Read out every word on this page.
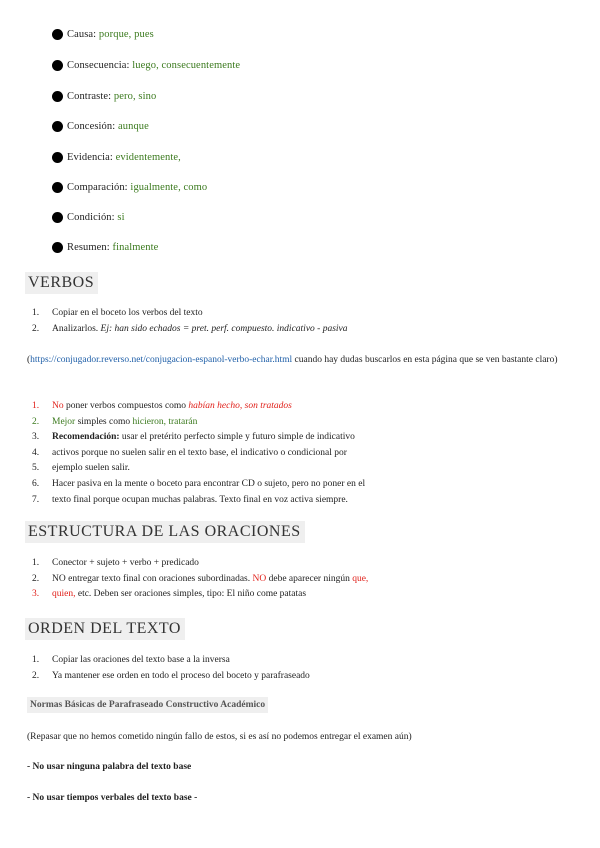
Causa:
porque, pues
Consecuencia:
luego, consecuentemente
Contraste:
pero, sino
Concesión:
aunque
Evidencia:
evidentemente,
Comparación:
igualmente, como
Condición:
si
Resumen:
finalmente
VERBOS
1.	Copiar en el boceto los verbos del texto
2.	Analizarlos. Ej: han sido echados = pret. perf. compuesto. indicativo - pasiva
(https://conjugador.reverso.net/conjugacion-espanol-verbo-echar.html cuando hay dudas buscarlos en esta página que se ven bastante claro)
1.	No poner verbos compuestos como habían hecho, son tratados
2.	Mejor simples como hicieron, tratarán
3.	Recomendación: usar el pretérito perfecto simple y futuro simple de indicativo
4.	activos porque no suelen salir en el texto base, el indicativo o condicional por
5.	ejemplo suelen salir.
6.	Hacer pasiva en la mente o boceto para encontrar CD o sujeto, pero no poner en el
7.	texto final porque ocupan muchas palabras. Texto final en voz activa siempre.
ESTRUCTURA DE LAS ORACIONES
1.	Conector + sujeto + verbo + predicado
2.	NO entregar texto final con oraciones subordinadas. NO debe aparecer ningún que,
3.	quien, etc. Deben ser oraciones simples, tipo: El niño come patatas
ORDEN DEL TEXTO
1.	Copiar las oraciones del texto base a la inversa
2.	Ya mantener ese orden en todo el proceso del boceto y parafraseado
Normas Básicas de Parafraseado Constructivo Académico
(Repasar que no hemos cometido ningún fallo de estos, si es así no podemos entregar el examen aún)
- No usar ninguna palabra del texto base
- No usar tiempos verbales del texto base -
